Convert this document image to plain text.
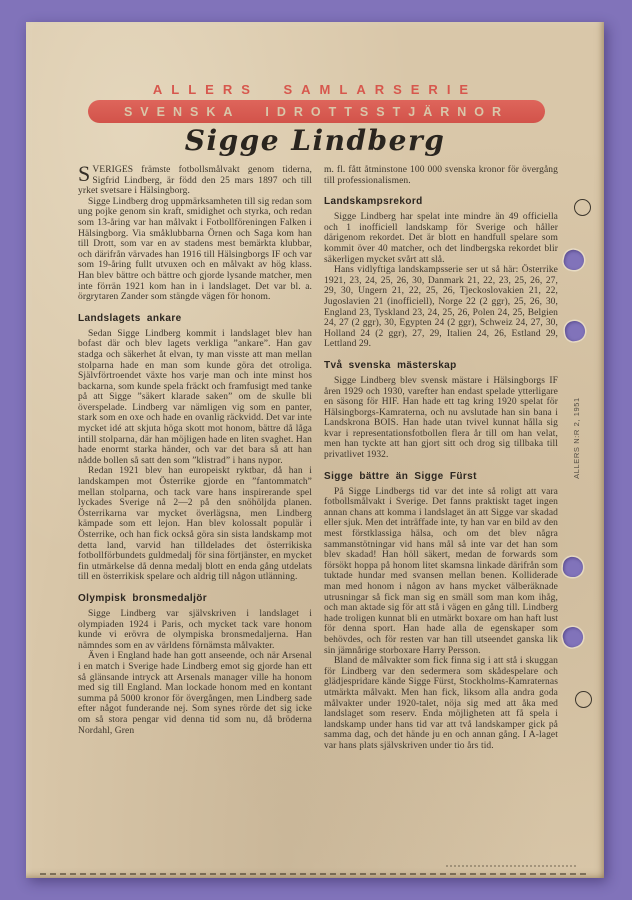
ALLERS SAMLARSERIE
SVENSKA IDROTTSSTJÄRNOR
Sigge Lindberg

SVERIGES främste fotbollsmålvakt genom tiderna, Sigfrid Lindberg, är född den 25 mars 1897 och till yrket svetsare i Hälsingborg.

Sigge Lindberg drog uppmärksamheten till sig redan som ung pojke genom sin kraft, smidighet och styrka, och redan som 13-åring var han målvakt i Fotbollföreningen Falken i Hälsingborg. Via småklubbarna Örnen och Saga kom han till Drott, som var en av stadens mest bemärkta klubbar, och därifrån värvades han 1916 till Hälsingborgs IF och var som 19-åring fullt utvuxen och en målvakt av hög klass. Han blev bättre och bättre och gjorde lysande matcher, men inte förrän 1921 kom han in i landslaget. Det var bl. a. örgrytaren Zander som stängde vägen för honom.

Landslagets ankare

Sedan Sigge Lindberg kommit i landslaget blev han bofast där och blev lagets verkliga ”ankare”. Han gav stadga och säkerhet åt elvan, ty man visste att man mellan stolparna hade en man som kunde göra det otroliga. Självförtroendet växte hos varje man och inte minst hos backarna, som kunde spela fräckt och framfusigt med tanke på att Sigge ”säkert klarade saken” om de skulle bli överspelade. Lindberg var nämligen vig som en panter, stark som en oxe och hade en ovanlig räckvidd. Det var inte mycket idé att skjuta höga skott mot honom, bättre då låga intill stolparna, där han möjligen hade en liten svaghet. Han hade enormt starka händer, och var det bara så att han nådde bollen så satt den som ”klistrad” i hans nypor.

Redan 1921 blev han europeiskt ryktbar, då han i landskampen mot Österrike gjorde en ”fantommatch” mellan stolparna, och tack vare hans inspirerande spel lyckades Sverige nå 2—2 på den snöhöljda planen. Österrikarna var mycket överlägsna, men Lindberg kämpade som ett lejon. Han blev kolossalt populär i Österrike, och han fick också göra sin sista landskamp mot detta land, varvid han tilldelades det österrikiska fotbollförbundets guldmedalj för sina förtjänster, en mycket fin utmärkelse då denna medalj blott en enda gång utdelats till en österrikisk spelare och aldrig till någon utlänning.

Olympisk bronsmedaljör

Sigge Lindberg var självskriven i landslaget i olympiaden 1924 i Paris, och mycket tack vare honom kunde vi erövra de olympiska bronsmedaljerna. Han nämndes som en av världens förnämsta målvakter.

Även i England hade han gott anseende, och när Arsenal i en match i Sverige hade Lindberg emot sig gjorde han ett så glänsande intryck att Arsenals manager ville ha honom med sig till England. Man lockade honom med en kontant summa på 5000 kronor för övergången, men Lindberg sade efter något funderande nej. Som synes rörde det sig icke om så stora pengar vid denna tid som nu, då bröderna Nordahl, Gren

m. fl. fått åtminstone 100 000 svenska kronor för övergång till professionalismen.

Landskampsrekord

Sigge Lindberg har spelat inte mindre än 49 officiella och 1 inofficiell landskamp för Sverige och håller därigenom rekordet. Det är blott en handfull spelare som kommit över 40 matcher, och det lindbergska rekordet blir säkerligen mycket svårt att slå.

Hans vidlyftiga landskampsserie ser ut så här: Österrike 1921, 23, 24, 25, 26, 30, Danmark 21, 22, 23, 25, 26, 27, 29, 30, Ungern 21, 22, 25, 26, Tjeckoslovakien 21, 22, Jugoslavien 21 (inofficiell), Norge 22 (2 ggr), 25, 26, 30, England 23, Tyskland 23, 24, 25, 26, Polen 24, 25, Belgien 24, 27 (2 ggr), 30, Egypten 24 (2 ggr), Schweiz 24, 27, 30, Holland 24 (2 ggr), 27, 29, Italien 24, 26, Estland 29, Lettland 29.

Två svenska mästerskap

Sigge Lindberg blev svensk mästare i Hälsingborgs IF åren 1929 och 1930, varefter han endast spelade ytterligare en säsong för HIF. Han hade ett tag kring 1920 spelat för Hälsingborgs-Kamraterna, och nu avslutade han sin bana i Landskrona BOIS. Han hade utan tvivel kunnat hålla sig kvar i representationsfotbollen flera år till om han velat, men han tyckte att han gjort sitt och drog sig tillbaka till privatlivet 1932.

Sigge bättre än Sigge Fürst

På Sigge Lindbergs tid var det inte så roligt att vara fotbollsmålvakt i Sverige. Det fanns praktiskt taget ingen annan chans att komma i landslaget än att Sigge var skadad eller sjuk. Men det inträffade inte, ty han var en bild av den mest förstklassiga hälsa, och om det blev några sammanstötningar vid hans mål så inte var det han som blev skadad! Han höll säkert, medan de forwards som försökt hoppa på honom litet skamsna linkade därifrån som tuktade hundar med svansen mellan benen. Kolliderade man med honom i någon av hans mycket välberäknade utrusningar så fick man sig en smäll som man kom ihåg, och man aktade sig för att stå i vägen en gång till. Lindberg hade troligen kunnat bli en utmärkt boxare om han haft lust för denna sport. Han hade alla de egenskaper som behövdes, och för resten var han till utseendet ganska lik sin jämnårige storboxare Harry Persson.

Bland de målvakter som fick finna sig i att stå i skuggan för Lindberg var den sedermera som skådespelare och glädjespridare kände Sigge Fürst, Stockholms-Kamraternas utmärkta målvakt. Men han fick, liksom alla andra goda målvakter under 1920-talet, nöja sig med att åka med landslaget som reserv. Enda möjligheten att få spela i landskamp under hans tid var att två landskamper gick på samma dag, och det hände ju en och annan gång. I A-laget var hans plats självskriven under tio års tid.

ALLERS N:R 2, 1951
